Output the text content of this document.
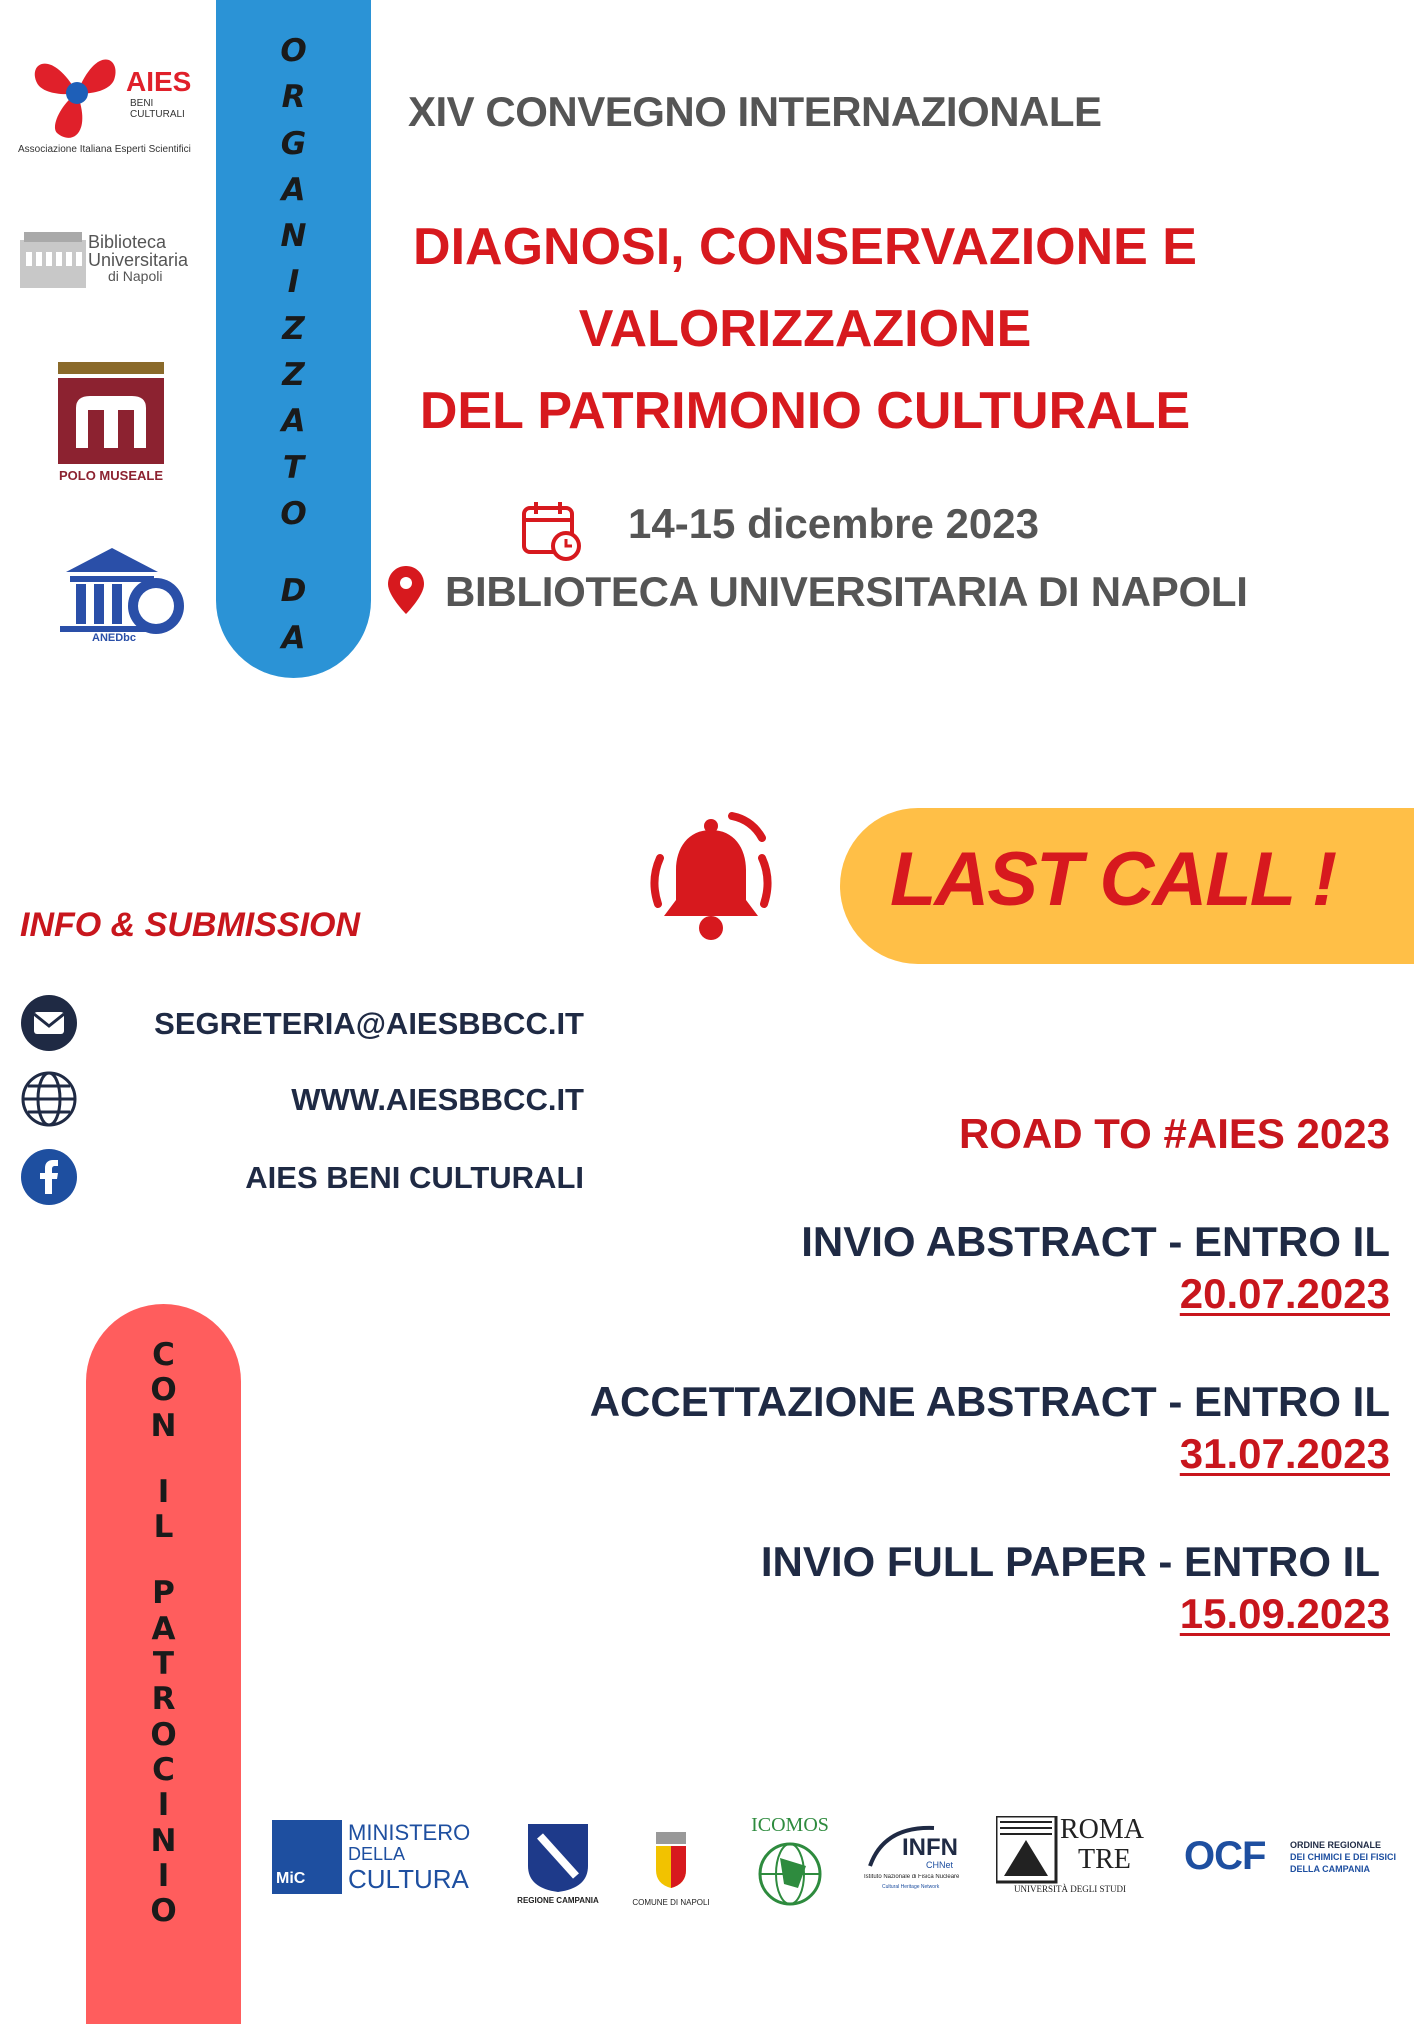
O
R
G
A
N
I
Z
Z
A
T
O
D
A
AIES
BENI CULTURALI
Associazione Italiana Esperti Scientifici
Biblioteca
Universitaria
di Napoli
POLO MUSEALE
ANEDbc
XIV CONVEGNO INTERNAZIONALE
DIAGNOSI, CONSERVAZIONE E
VALORIZZAZIONE
DEL PATRIMONIO CULTURALE
14-15 dicembre 2023
BIBLIOTECA UNIVERSITARIA DI NAPOLI
LAST CALL !
INFO & SUBMISSION
SEGRETERIA@AIESBBCC.IT
WWW.AIESBBCC.IT
AIES BENI CULTURALI
ROAD TO #AIES 2023
INVIO ABSTRACT - ENTRO IL
20.07.2023
ACCETTAZIONE ABSTRACT - ENTRO IL
31.07.2023
INVIO FULL PAPER - ENTRO IL
15.09.2023
C
O
N
I
L
P
A
T
R
O
C
I
N
I
O
MiC
MINISTERO
DELLA
CULTURA
REGIONE CAMPANIA	COMUNE DI NAPOLI
ICOMOS
INFN
CHNet
Istituto Nazionale di Fisica Nucleare
Cultural Heritage Network
ROMA
TRE
UNIVERSITÀ DEGLI STUDI
OCF	ORDINE REGIONALE
DEI CHIMICI E DEI FISICI
DELLA CAMPANIA
